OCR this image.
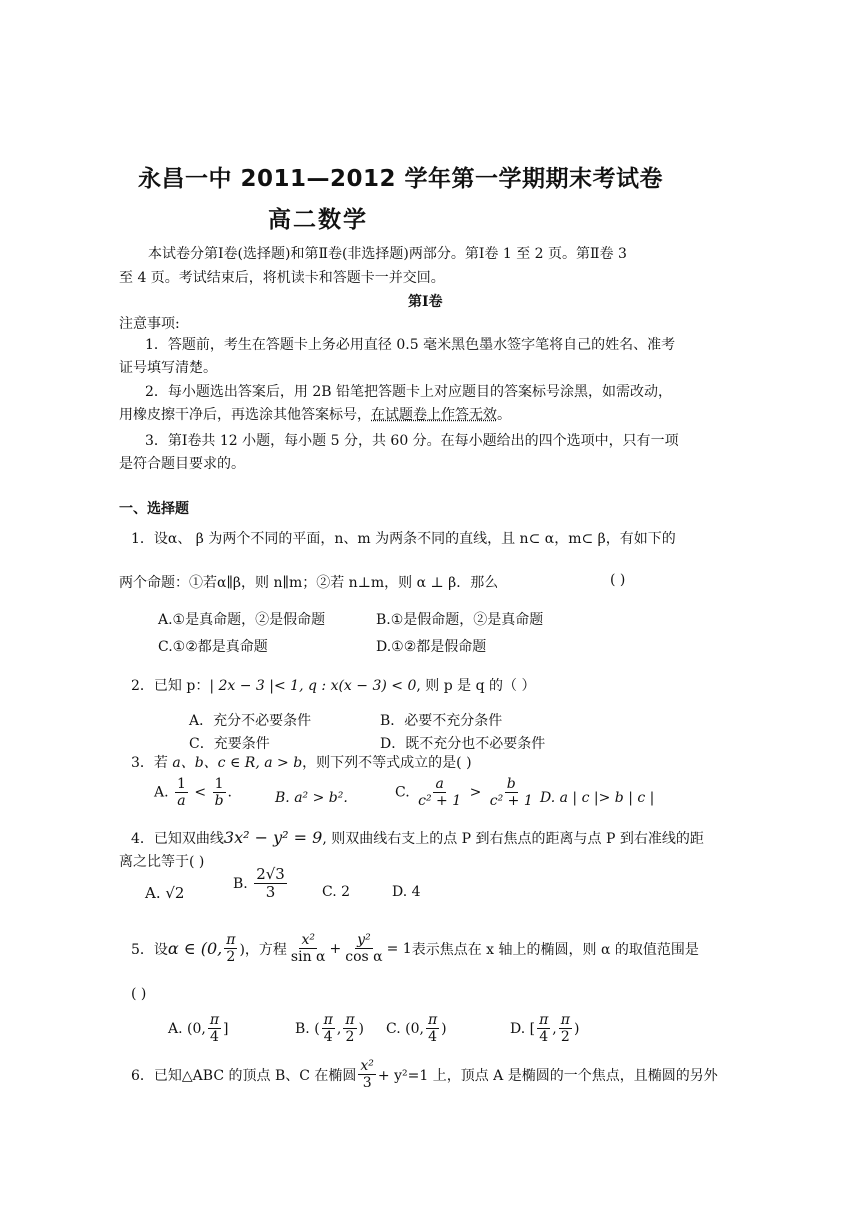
永昌一中 2011—2012 学年第一学期期末考试卷
高二数学
本试卷分第Ⅰ卷(选择题)和第Ⅱ卷(非选择题)两部分。第Ⅰ卷 1 至 2 页。第Ⅱ卷 3
至 4 页。考试结束后，将机读卡和答题卡一并交回。
第Ⅰ卷
注意事项:
1．答题前，考生在答题卡上务必用直径 0.5 毫米黑色墨水签字笔将自己的姓名、准考
证号填写清楚。
2．每小题选出答案后，用 2B 铅笔把答题卡上对应题目的答案标号涂黑，如需改动，
用橡皮擦干净后，再选涂其他答案标号，在试题卷上作答无效。
3．第Ⅰ卷共 12 小题，每小题 5 分，共 60 分。在每小题给出的四个选项中，只有一项
是符合题目要求的。
一、选择题
1．设α、 β 为两个不同的平面，n、m 为两条不同的直线，且 n⊂ α，m⊂ β，有如下的
两个命题：①若α∥β，则 n∥m；②若 n⊥m，则 α ⊥ β．那么	( )
A.①是真命题，②是假命题	B.①是假命题，②是真命题
C.①②都是真命题	D.①②都是假命题
2．已知 p：| 2x − 3 |< 1, q : x(x − 3) < 0, 则 p 是 q 的（ ）
A．充分不必要条件	B．必要不充分条件
C．充要条件	D．既不充分也不必要条件
3．若 a、b、c ∈ R, a > b，则下列不等式成立的是( )
A. $\frac{1}{a} < \frac{1}{b}$ .	B. a² > b².	C. $\frac{a}{\text{c² + 1}} > \frac{b}{\text{c² + 1}} D$. a | c |> b | c |
4．已知双曲线3x² − y² = 9, 则双曲线右支上的点 P 到右焦点的距离与点 P 到右准线的距
离之比等于( )
A. √2
B. $\frac{2√3}{3}$	C. 2	D. 4
5．设 α ∈ (0, $\frac{\pi}{2}$ )，方程 $\frac{\text{x²}}{\text{sin α}} + \frac{\text{y²}}{\text{cos α}} = 1$ 表示焦点在 x 轴上的椭圆，则 α 的取值范围是
( )
A. (0, $\frac{\pi}{4}$ ]	B. ( $\frac{\pi}{4}$ , $\frac{\pi}{2}$ ) C. (0, $\frac{\pi}{4}$ )	D. [ $\frac{\pi}{4}$ , $\frac{\pi}{2}$ )
6．已知△ABC 的顶点 B、C 在椭圆 $\frac{\text{x²}}{3} + y^2=1$ 上，顶点 A 是椭圆的一个焦点，且椭圆的另外
